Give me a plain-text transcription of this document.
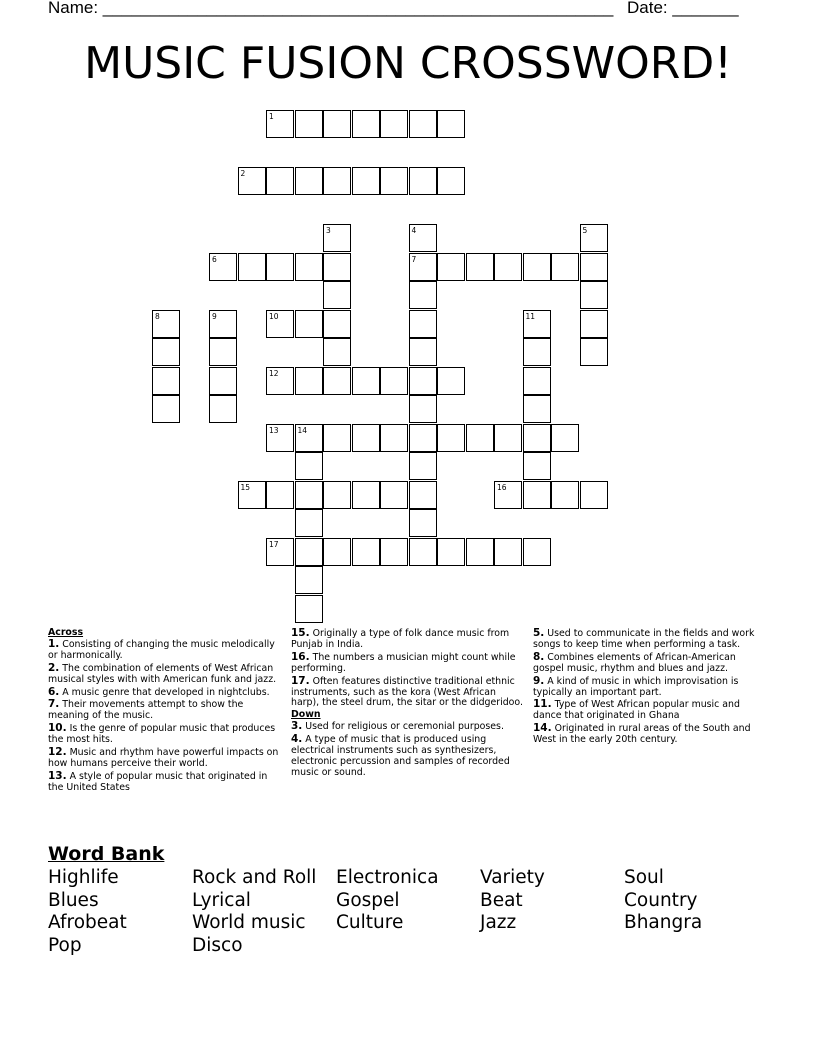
Name: ______________________________________________________ Date: _______
MUSIC FUSION CROSSWORD!
1
2
3	4
7
5
6
8	9	10	11
12
13	14
15	16
17
Across
1. Consisting of changing the music melodically or harmonically.
2. The combination of elements of West African musical styles with with American funk and jazz.
6. A music genre that developed in nightclubs.
7. Their movements attempt to show the meaning of the music.
10. Is the genre of popular music that produces the most hits.
12. Music and rhythm have powerful impacts on how humans perceive their world.
13. A style of popular music that originated in the United States
15. Originally a type of folk dance music from Punjab in India.
16. The numbers a musician might count while performing.
17. Often features distinctive traditional ethnic instruments, such as the kora (West African harp), the steel drum, the sitar or the didgeridoo.
Down
3. Used for religious or ceremonial purposes.
4. A type of music that is produced using electrical instruments such as synthesizers, electronic percussion and samples of recorded music or sound.
5. Used to communicate in the fields and work songs to keep time when performing a task.
8. Combines elements of African-American gospel music, rhythm and blues and jazz.
9. A kind of music in which improvisation is typically an important part.
11. Type of West African popular music and dance that originated in Ghana
14. Originated in rural areas of the South and West in the early 20th century.
Word Bank
Highlife
Blues
Afrobeat
Pop
Rock and Roll
Lyrical
World music
Disco
Electronica
Gospel
Culture
Variety
Beat
Jazz
Soul
Country
Bhangra
